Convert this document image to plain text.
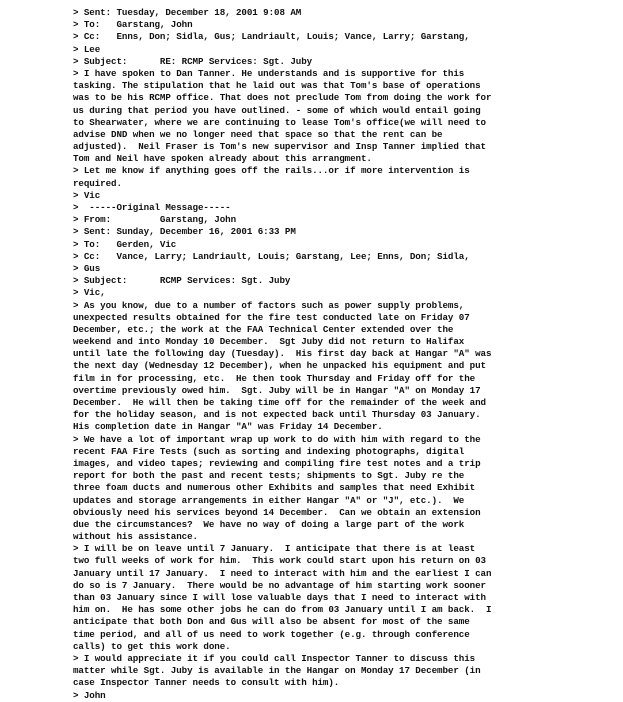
> Sent: Tuesday, December 18, 2001 9:08 AM
> To:   Garstang, John
> Cc:   Enns, Don; Sidla, Gus; Landriault, Louis; Vance, Larry; Garstang,
> Lee
> Subject:      RE: RCMP Services: Sgt. Juby
> I have spoken to Dan Tanner. He understands and is supportive for this
tasking. The stipulation that he laid out was that Tom's base of operations
was to be his RCMP office. That does not preclude Tom from doing the work for
us during that period you have outlined. - some of which would entail going
to Shearwater, where we are continuing to lease Tom's office(we will need to
advise DND when we no longer need that space so that the rent can be
adjusted).  Neil Fraser is Tom's new supervisor and Insp Tanner implied that
Tom and Neil have spoken already about this arrangment.
> Let me know if anything goes off the rails...or if more intervention is
required.
> Vic
>  -----Original Message-----
> From:         Garstang, John
> Sent: Sunday, December 16, 2001 6:33 PM
> To:   Gerden, Vic
> Cc:   Vance, Larry; Landriault, Louis; Garstang, Lee; Enns, Don; Sidla,
> Gus
> Subject:      RCMP Services: Sgt. Juby
> Vic,
> As you know, due to a number of factors such as power supply problems,
unexpected results obtained for the fire test conducted late on Friday 07
December, etc.; the work at the FAA Technical Center extended over the
weekend and into Monday 10 December.  Sgt Juby did not return to Halifax
until late the following day (Tuesday).  His first day back at Hangar "A" was
the next day (Wednesday 12 December), when he unpacked his equipment and put
film in for processing, etc.  He then took Thursday and Friday off for the
overtime previously owed him.  Sgt. Juby will be in Hangar "A" on Monday 17
December.  He will then be taking time off for the remainder of the week and
for the holiday season, and is not expected back until Thursday 03 January.
His completion date in Hangar "A" was Friday 14 December.
> We have a lot of important wrap up work to do with him with regard to the
recent FAA Fire Tests (such as sorting and indexing photographs, digital
images, and video tapes; reviewing and compiling fire test notes and a trip
report for both the past and recent tests; shipments to Sgt. Juby re the
three foam ducts and numerous other Exhibits and samples that need Exhibit
updates and storage arrangements in either Hangar "A" or "J", etc.).  We
obviously need his services beyond 14 December.  Can we obtain an extension
due the circumstances?  We have no way of doing a large part of the work
without his assistance.
> I will be on leave until 7 January.  I anticipate that there is at least
two full weeks of work for him.  This work could start upon his return on 03
January until 17 January.  I need to interact with him and the earliest I can
do so is 7 January.  There would be no advantage of him starting work sooner
than 03 January since I will lose valuable days that I need to interact with
him on.  He has some other jobs he can do from 03 January until I am back.  I
anticipate that both Don and Gus will also be absent for most of the same
time period, and all of us need to work together (e.g. through conference
calls) to get this work done.
> I would appreciate it if you could call Inspector Tanner to discuss this
matter while Sgt. Juby is available in the Hangar on Monday 17 December (in
case Inspector Tanner needs to consult with him).
> John
